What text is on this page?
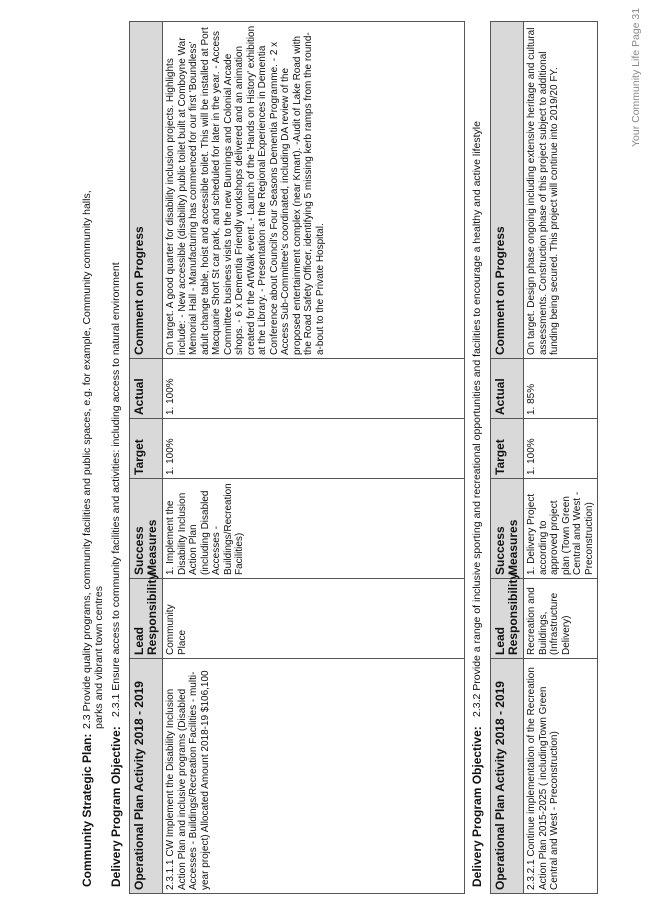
Community Strategic Plan:
2.3 Provide quality programs, community facilities and public spaces, e.g. for example, Community community halls, parks and vibrant town centres
Delivery Program Objective:
2.3.1 Ensure access to community facilities and activities: including access to natural environment
Operational Plan Activity 2018 - 2019	Lead Responsibility	Success Measures	Target	Actual	Comment on Progress
2.3.1.1 CW Implement the Disability Inclusion Action Plan and inclusive programs (Disabled Accesses - Buildings/Recreation Facilities - multi-year project) Allocated Amount 2018-19 $106,100	Community Place	1. Implement the Disability Inclusion Action Plan (including Disabled Accesses - Buildings/Recreation Facilities)	1. 100%	1. 100%	On target. A good quarter for disability inclusion projects. Highlights include: - New accessible (disability) public toilet built at Comboyne War Memorial Hall - Manufacturing has commenced for our first 'Boundless' adult change table, hoist and accessible toilet. This will be installed at Port Macquarie Short St car park, and scheduled for later in the year. - Access Committee business visits to the new Bunnings and Colonial Arcade shops. - 6 x Dementia Friendly workshops delivered and an animation created for the ArtWalk event. - Launch of the 'Hands on History' exhibition at the Library. - Presentation at the Regional Experiences in Dementia Conference about Council's Four Seasons Dementia Programme. - 2 x Access Sub-Committee's coordinated, including DA review of the proposed entertainment complex (near Kmart). -Audit of Lake Road with the Road Safety Officer, identifying 5 missing kerb ramps from the round-a-bout to the Private Hospital.
Delivery Program Objective:
2.3.2 Provide a range of inclusive sporting and recreational opportunities and facilities to encourage a healthy and active lifestyle
Operational Plan Activity 2018 - 2019	Lead Responsibility	Success Measures	Target	Actual	Comment on Progress
2.3.2.1 Continue implementation of the Recreation Action Plan 2015-2025 ( includingTown Green Central and West - Preconstruction)	Recreation and Buildings, (Infrastructure Delivery)	1. Delivery Project according to approved project plan (Town Green Central and West - Preconstruction)	1. 100%	1. 85%	On target. Design phase ongoing including extensive heritage and cultural assessments. Construction phase of this project subject to additional funding being secured. This project will continue into 2019/20 FY.	Your Community Life Page 31
